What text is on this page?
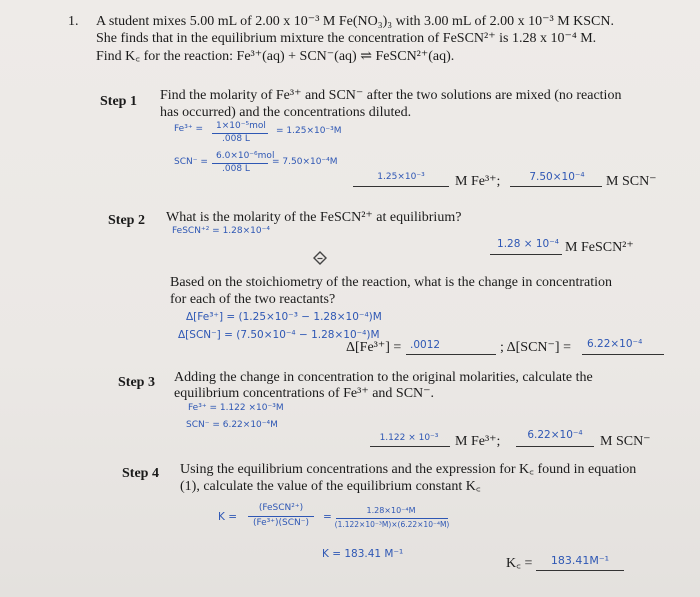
1. A student mixes 5.00 mL of 2.00 x 10⁻³ M Fe(NO₃)₃ with 3.00 mL of 2.00 x 10⁻³ M KSCN.
She finds that in the equilibrium mixture the concentration of FeSCN²⁺ is 1.28 x 10⁻⁴ M.
Find K꜀ for the reaction: Fe³⁺(aq) + SCN⁻(aq) ⇌ FeSCN²⁺(aq).
Step 1 Find the molarity of Fe³⁺ and SCN⁻ after the two solutions are mixed (no reaction
has occurred) and the concentrations diluted.
Fe³⁺ = 1×10⁻⁵mol
.008 L
= 1.25×10⁻³M
SCN⁻ =
6.0×10⁻⁶mol
.008 L
= 7.50×10⁻⁴M
1.25×10⁻³	M Fe³⁺;	7.50×10⁻⁴	M SCN⁻
Step 2 What is the molarity of the FeSCN²⁺ at equilibrium?
FeSCN⁺² = 1.28×10⁻⁴
1.28 × 10⁻⁴ M FeSCN²⁺
Based on the stoichiometry of the reaction, what is the change in concentration
for each of the two reactants?
Δ[Fe³⁺] = (1.25×10⁻³ − 1.28×10⁻⁴)M
Δ[SCN⁻] = (7.50×10⁻⁴ − 1.28×10⁻⁴)M
Δ[Fe³⁺] = .0012	; Δ[SCN⁻] = 6.22×10⁻⁴
Step 3 Adding the change in concentration to the original molarities, calculate the
equilibrium concentrations of Fe³⁺ and SCN⁻.
Fe³⁺ = 1.122 ×10⁻³M
SCN⁻ = 6.22×10⁻⁴M
1.122 × 10⁻³	M Fe³⁺;	6.22×10⁻⁴	M SCN⁻
Step 4 Using the equilibrium concentrations and the expression for K꜀ found in equation
(1), calculate the value of the equilibrium constant K꜀
K =
(FeSCN²⁺)
(Fe³⁺)(SCN⁻)	=
1.28×10⁻⁴M
(1.122×10⁻³M)×(6.22×10⁻⁴M)
K = 183.41 M⁻¹
K꜀ =	183.41M⁻¹
